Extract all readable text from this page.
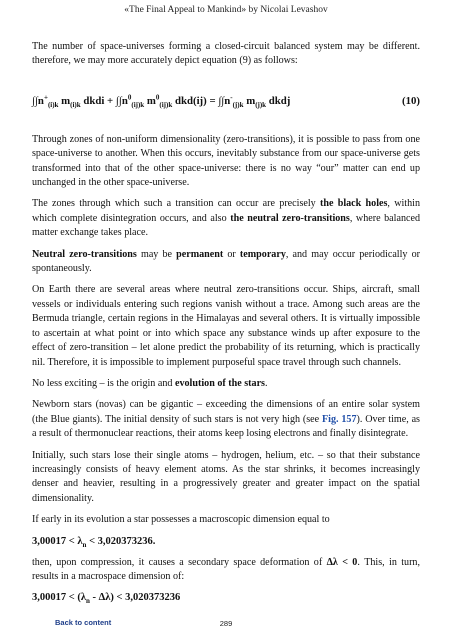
«The Final Appeal to Mankind» by Nicolai Levashov

The number of space-universes forming a closed-circuit balanced system may be different. therefore, we may more accurately depict equation (9) as follows:

$\int\int n^+_{(i)k}$ $m_{(i)k}$ dkdi + $\int\int n^0_{(ij)k}$ $m^0_{(ij)k}$ $dkd(ij) = \int\int n^-_{(j)k}$ $m_{(j)k}$ dkdj	(10)

Through zones of non-uniform dimensionality (zero-transitions), it is possible to pass from one space-universe to another. When this occurs, inevitably substance from our space-universe gets transformed into that of the other space-universe: there is no way “our” matter can end up unchanged in the other space-universe.

The zones through which such a transition can occur are precisely the black holes, within which complete disintegration occurs, and also the neutral zero-transitions, where balanced matter exchange takes place.

Neutral zero-transitions may be permanent or temporary, and may occur periodically or spontaneously.

On Earth there are several areas where neutral zero-transitions occur. Ships, aircraft, small vessels or individuals entering such regions vanish without a trace. Among such areas are the Bermuda triangle, certain regions in the Himalayas and several others. It is virtually impossible to ascertain at what point or into which space any substance winds up after exposure to the effect of zero-transition – let alone predict the probability of its returning, which is practically nil. Therefore, it is impossible to implement purposeful space travel through such channels.

No less exciting – is the origin and evolution of the stars.

Newborn stars (novas) can be gigantic – exceeding the dimensions of an entire solar system (the Blue giants). The initial density of such stars is not very high (see Fig. 157). Over time, as a result of thermonuclear reactions, their atoms keep losing electrons and finally disintegrate.

Initially, such stars lose their single atoms – hydrogen, helium, etc. – so that their substance increasingly consists of heavy element atoms. As the star shrinks, it becomes increasingly denser and heavier, resulting in a progressively greater and greater impact on the spatial dimensionality.

If early in its evolution a star possesses a macroscopic dimension equal to

$3,00017 < \lambda_n < 3,020373236$.

then, upon compression, it causes a secondary space deformation of Δλ < 0. This, in turn, results in a macrospace dimension of:

$3,00017 < (\lambda_n - \Delta\lambda) < 3,020373236$
Back to content	289
